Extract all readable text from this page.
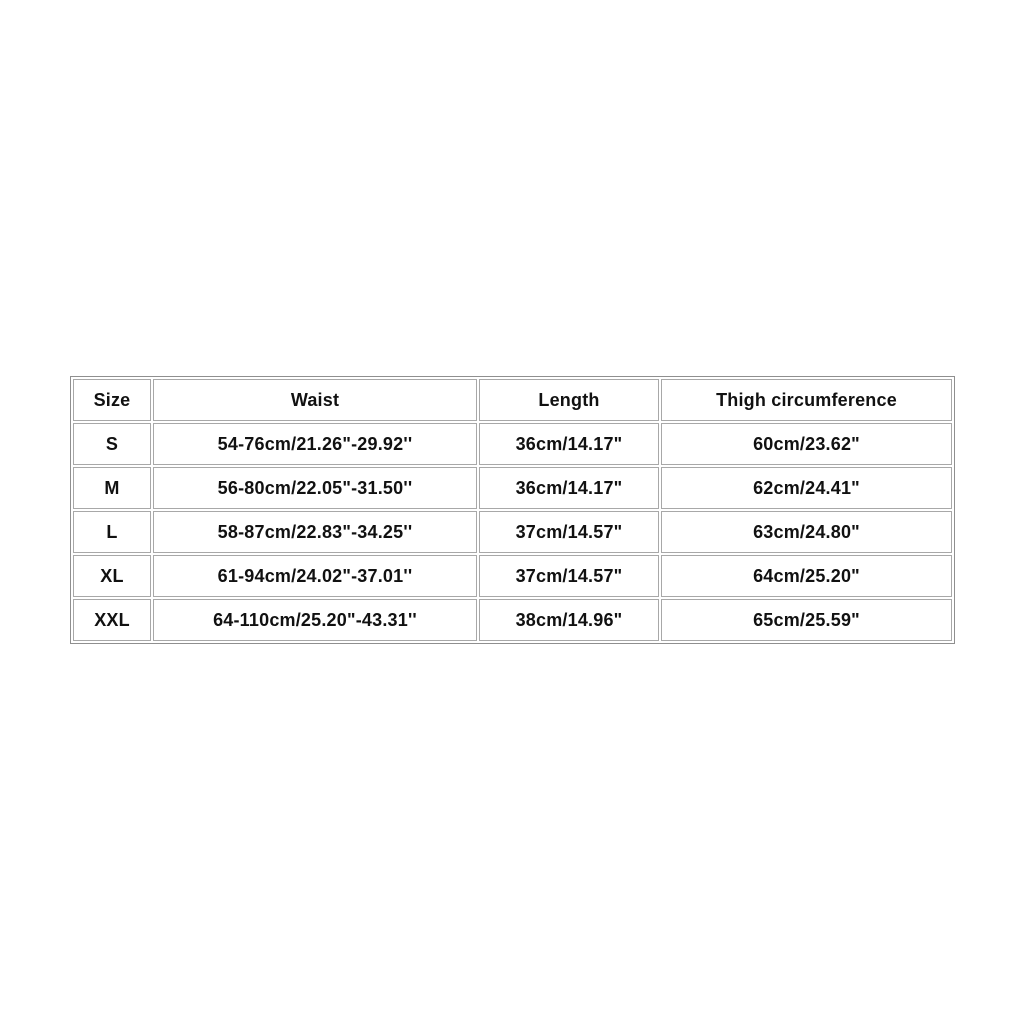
Size	Waist	Length	Thigh circumference
S	54-76cm/21.26"-29.92''	36cm/14.17"	60cm/23.62"
M	56-80cm/22.05"-31.50''	36cm/14.17"	62cm/24.41"
L	58-87cm/22.83"-34.25''	37cm/14.57"	63cm/24.80"
XL	61-94cm/24.02"-37.01''	37cm/14.57"	64cm/25.20"
XXL	64-110cm/25.20"-43.31''	38cm/14.96"	65cm/25.59"
